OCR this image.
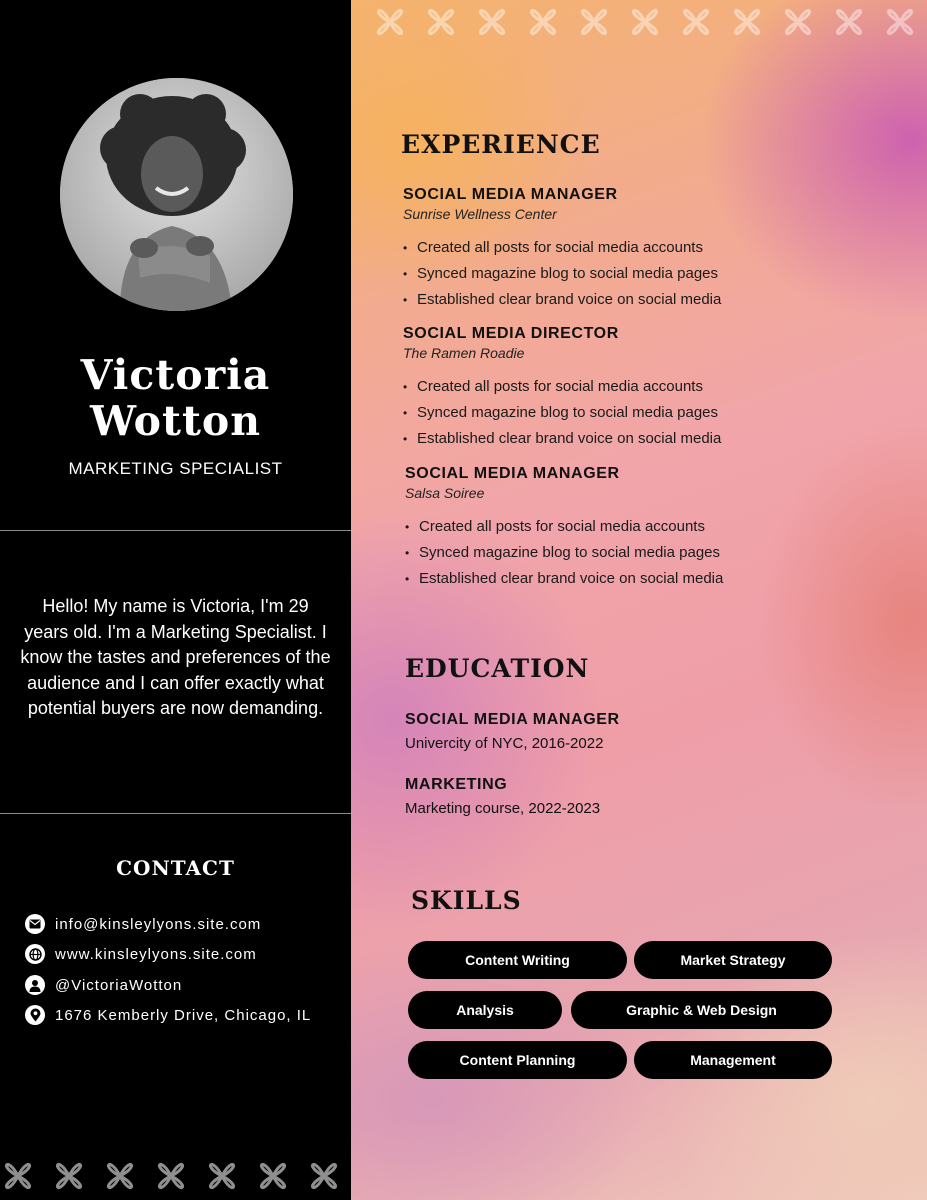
Victoria
Wotton
MARKETING SPECIALIST
Hello! My name is Victoria, I'm 29 years old. I'm a Marketing Specialist. I know the tastes and preferences of the audience and I can offer exactly what potential buyers are now demanding.
CONTACT
info@kinsleylyons.site.com
www.kinsleylyons.site.com
@VictoriaWotton
1676 Kemberly Drive, Chicago, IL
EXPERIENCE
SOCIAL MEDIA MANAGER
Sunrise Wellness Center
• Created all posts for social media accounts
• Synced magazine blog to social media pages
• Established clear brand voice on social media
SOCIAL MEDIA DIRECTOR
The Ramen Roadie
• Created all posts for social media accounts
• Synced magazine blog to social media pages
• Established clear brand voice on social media
SOCIAL MEDIA MANAGER
Salsa Soiree
• Created all posts for social media accounts
• Synced magazine blog to social media pages
• Established clear brand voice on social media
EDUCATION
SOCIAL MEDIA MANAGER
Univercity of NYC, 2016-2022
MARKETING
Marketing course, 2022-2023
SKILLS
Content Writing	Market Strategy
Analysis	Graphic & Web Design
Content Planning	Management
